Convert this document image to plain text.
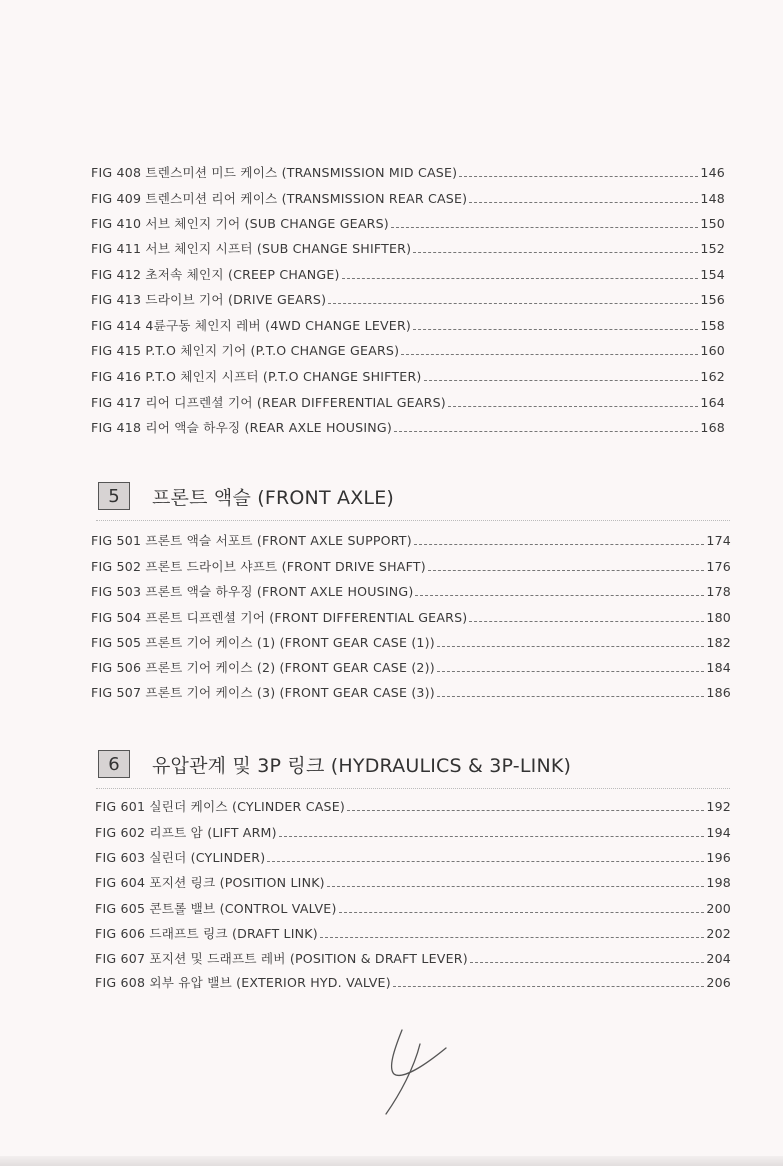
FIG 408 트렌스미션 미드 케이스 (TRANSMISSION MID CASE)	146
FIG 409 트렌스미션 리어 케이스 (TRANSMISSION REAR CASE)	148
FIG 410 서브 체인지 기어 (SUB CHANGE GEARS)	150
FIG 411 서브 체인지 시프터 (SUB CHANGE SHIFTER)	152
FIG 412 초저속 체인지 (CREEP CHANGE)	154
FIG 413 드라이브 기어 (DRIVE GEARS)	156
FIG 414 4륜구동 체인지 레버 (4WD CHANGE LEVER)	158
FIG 415 P.T.O 체인지 기어 (P.T.O CHANGE GEARS)	160
FIG 416 P.T.O 체인지 시프터 (P.T.O CHANGE SHIFTER)	162
FIG 417 리어 디프렌셜 기어 (REAR DIFFERENTIAL GEARS)	164
FIG 418 리어 액슬 하우징 (REAR AXLE HOUSING)	168
5	프론트 액슬 (FRONT AXLE)
FIG 501 프론트 액슬 서포트 (FRONT AXLE SUPPORT)	174
FIG 502 프론트 드라이브 샤프트 (FRONT DRIVE SHAFT)	176
FIG 503 프론트 액슬 하우징 (FRONT AXLE HOUSING)	178
FIG 504 프론트 디프렌셜 기어 (FRONT DIFFERENTIAL GEARS)	180
FIG 505 프론트 기어 케이스 (1) (FRONT GEAR CASE (1))	182
FIG 506 프론트 기어 케이스 (2) (FRONT GEAR CASE (2))	184
FIG 507 프론트 기어 케이스 (3) (FRONT GEAR CASE (3))	186
6	유압관계 및 3P 링크 (HYDRAULICS & 3P-LINK)
FIG 601 실린더 케이스 (CYLINDER CASE)	192
FIG 602 리프트 암 (LIFT ARM)	194
FIG 603 실린더 (CYLINDER)	196
FIG 604 포지션 링크 (POSITION LINK)	198
FIG 605 콘트롤 밸브 (CONTROL VALVE)	200
FIG 606 드래프트 링크 (DRAFT LINK)	202
FIG 607 포지션 및 드래프트 레버 (POSITION & DRAFT LEVER)	204
FIG 608 외부 유압 밸브 (EXTERIOR HYD. VALVE)	206
